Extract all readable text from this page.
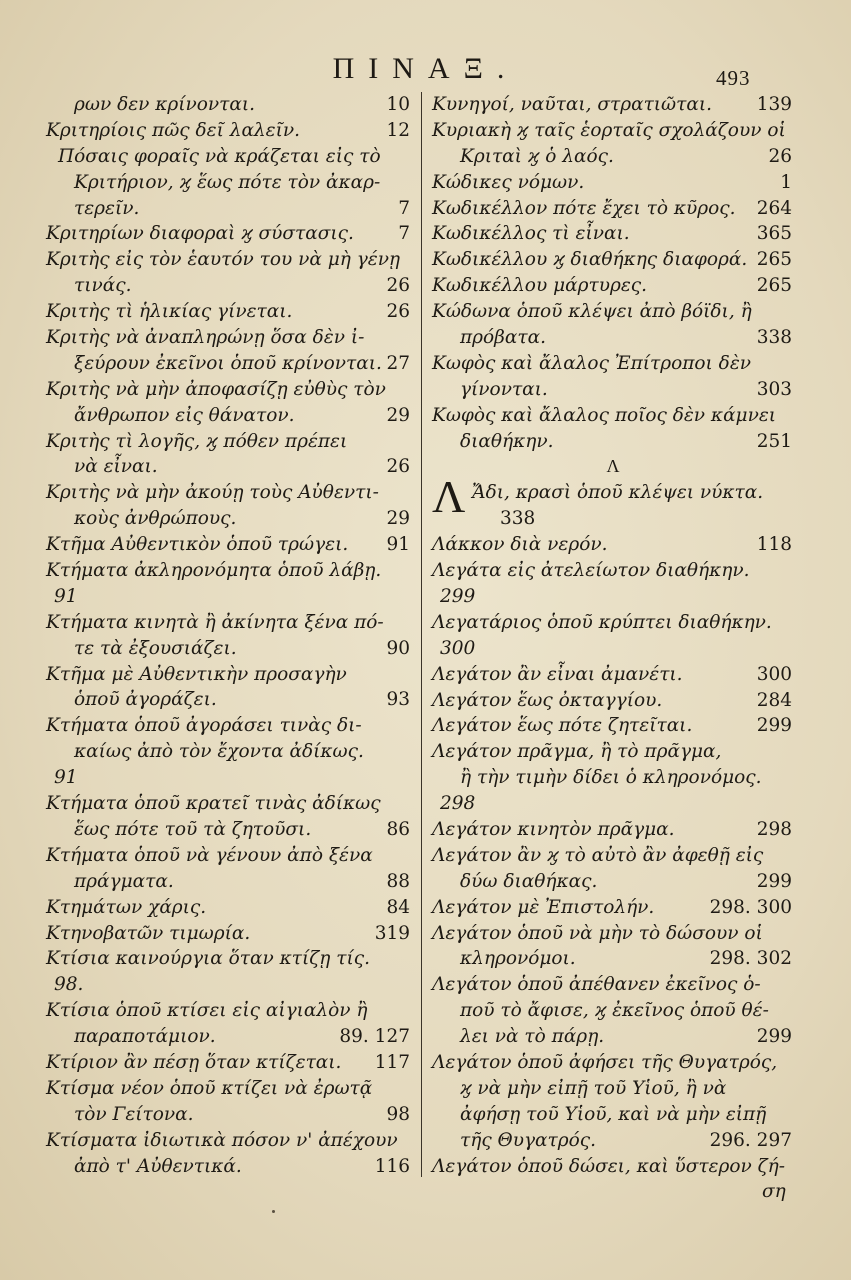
ΠΙΝΑΞ.	493
ρων δεν κρίνονται.	10
Κριτηρίοις πῶς δεῖ λαλεῖν.	12
Πόσαις φοραῖς νὰ κράζεται εἰς τὸ
Κριτήριον, ϗ ἕως πότε τὸν ἀκαρ-
τερεῖν.	7
Κριτηρίων διαφοραὶ ϗ σύστασις. 7
Κριτὴς εἰς τὸν ἑαυτόν του νὰ μὴ γένῃ
τινάς.	26
Κριτὴς τὶ ἡλικίας γίνεται.	26
Κριτὴς νὰ ἀναπληρώνῃ ὅσα δὲν ἰ-
ξεύρουν ἐκεῖνοι ὁποῦ κρίνονται. 27
Κριτὴς νὰ μὴν ἀποφασίζῃ εὐθὺς τὸν
ἄνθρωπον εἰς θάνατον.	29
Κριτὴς τὶ λογῆς, ϗ πόθεν πρέπει
νὰ εἶναι.	26
Κριτὴς νὰ μὴν ἀκούῃ τοὺς Αὐθεντι-
κοὺς ἀνθρώπους.	29
Κτῆμα Αὐθεντικὸν ὁποῦ τρώγει. 91
Κτήματα ἀκληρονόμητα ὁποῦ λάβῃ.
91
Κτήματα κινητὰ ἢ ἀκίνητα ξένα πό-
τε τὰ ἐξουσιάζει.	90
Κτῆμα μὲ Αὐθεντικὴν προσαγὴν
ὁποῦ ἀγοράζει.	93
Κτήματα ὁποῦ ἀγοράσει τινὰς δι-
καίως ἀπὸ τὸν ἔχοντα ἀδίκως.
91
Κτήματα ὁποῦ κρατεῖ τινὰς ἀδίκως
ἕως πότε τοῦ τὰ ζητοῦσι.	86
Κτήματα ὁποῦ νὰ γένουν ἀπὸ ξένα
πράγματα.	88
Κτημάτων χάρις.	84
Κτηνοβατῶν τιμωρία.	319
Κτίσια καινούργια ὅταν κτίζῃ τίς.
98.
Κτίσια ὁποῦ κτίσει εἰς αἰγιαλὸν ἢ
παραποτάμιον.	89. 127
Κτίριον ἂν πέσῃ ὅταν κτίζεται. 117
Κτίσμα νέον ὁποῦ κτίζει νὰ ἐρωτᾷ
τὸν Γείτονα.	98
Κτίσματα ἰδιωτικὰ πόσον ν' ἀπέχουν
ἀπὸ τ' Αὐθεντικά.	116
Κυνηγοί, ναῦται, στρατιῶται. 139
Κυριακὴ ϗ ταῖς ἑορταῖς σχολάζουν οἱ
Κριταὶ ϗ ὁ λαός.	26
Κώδικες νόμων.	1
Κωδικέλλον πότε ἔχει τὸ κῦρος. 264
Κωδικέλλος τὶ εἶναι.	365
Κωδικέλλου ϗ διαθήκης διαφορά. 265
Κωδικέλλου μάρτυρες.	265
Κώδωνα ὁποῦ κλέψει ἀπὸ βόϊδι, ἢ
πρόβατα.	338
Κωφὸς καὶ ἄλαλος Ἐπίτροποι δὲν
γίνονται.	303
Κωφὸς καὶ ἄλαλος ποῖος δὲν κάμνει
διαθήκην.	251
Λ
Λ Ἄδι, κρασὶ ὁποῦ κλέψει νύκτα.
338
Λάκκον διὰ νερόν.	118
Λεγάτα εἰς ἀτελείωτον διαθήκην.
299
Λεγατάριος ὁποῦ κρύπτει διαθήκην.
300
Λεγάτον ἂν εἶναι ἀμανέτι.	300
Λεγάτον ἕως ὀκταγγίου.	284
Λεγάτον ἕως πότε ζητεῖται.	299
Λεγάτον πρᾶγμα, ἢ τὸ πρᾶγμα,
ἢ τὴν τιμὴν δίδει ὁ κληρονόμος.
298
Λεγάτον κινητὸν πρᾶγμα.	298
Λεγάτον ἂν ϗ τὸ αὐτὸ ἂν ἀφεθῇ εἰς
δύω διαθήκας.	299
Λεγάτον μὲ Ἐπιστολήν.	298. 300
Λεγάτον ὁποῦ νὰ μὴν τὸ δώσουν οἱ
κληρονόμοι.	298. 302
Λεγάτον ὁποῦ ἀπέθανεν ἐκεῖνος ὁ-
ποῦ τὸ ἄφισε, ϗ ἐκεῖνος ὁποῦ θέ-
λει νὰ τὸ πάρῃ.	299
Λεγάτον ὁποῦ ἀφήσει τῆς Θυγατρός,
ϗ νὰ μὴν εἰπῇ τοῦ Υἱοῦ, ἢ νὰ
ἀφήσῃ τοῦ Υἱοῦ, καὶ νὰ μὴν εἰπῇ
τῆς Θυγατρός.	296. 297
Λεγάτον ὁποῦ δώσει, καὶ ὕστερον ζή-
ση
